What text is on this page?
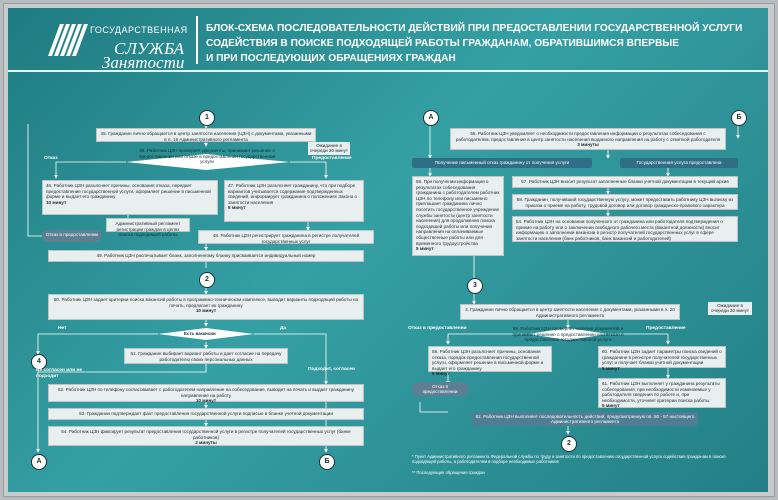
ГОСУДАРСТВЕННАЯ
СЛУЖБА
Занятости
БЛОК-СХЕМА ПОСЛЕДОВАТЕЛЬНОСТИ ДЕЙСТВИЙ ПРИ ПРЕДОСТАВЛЕНИИ ГОСУДАРСТВЕННОЙ УСЛУГИ
СОДЕЙСТВИЯ В ПОИСКЕ ПОДХОДЯЩЕЙ РАБОТЫ ГРАЖДАНАМ, ОБРАТИВШИМСЯ ВПЕРВЫЕ
И ПРИ ПОСЛЕДУЮЩИХ ОБРАЩЕНИЯХ ГРАЖДАН
1
45. Гражданин лично обращается в центр занятости населения (ЦЗН) с документами, указанными в п. 19 Административного регламента
46. Работник ЦЗН проверяет документы, принимает решение о предоставлении или отказе в предоставлении государственной услуги
Ожидание в очереди 30 минут
Отказ	Предоставление
46. Работник ЦЗН разъясняет причины, основания отказа, передает предоставление государственной услуги, оформляет решение в письменной форме и выдает его гражданину
10 минут
47. Работник ЦЗН разъясняет гражданину, что при подборе вариантов учитывается содержание подтвержденных сведений, информирует гражданина о положениях Закона о занятости населения
5 минут
Административный регламент регистрации граждан в целях поиска подходящей работы
Отказ в предоставлении	48. Работник ЦЗН регистрирует гражданина в регистре получателей государственных услуг
49. Работник ЦЗН распечатывает бланк, заполненному бланку присваивается индивидуальный номер
2
50. Работник ЦЗН задает критерии поиска вакансий работы в программно-техническом комплексе, выводит варианты подходящей работы на печать, предлагает их гражданину
10 минут
Нет
Есть вакансии
Да
51. Гражданин выбирает вариант работы и дает согласие на передачу работодателю своих персональных данных
4
Не согласен или не подходит
Подходит, согласен
52. Работник ЦЗН по телефону согласовывает с работодателем направление на собеседование, выводит на печать и выдает гражданину направление на работу
10 минут
53. Гражданин подтверждает факт предоставления государственной услуги подписью в бланке учетной документации
54. Работник ЦЗН фиксирует результат предоставления государственной услуги в регистре получателей государственных услуг (банке работников)
2 минуты
А	Б
А	Б
55. Работник ЦЗН уведомляет о необходимости предоставления информации о результатах собеседования с работодателем, предоставление в центр занятости населения выданного направления на работу с отметкой работодателя
3 минуты
Получение письменный отказ гражданину от получения услуги	Государственная услуга предоставлена
56. При получении информации о результатах собеседования гражданина с работодателем работник ЦЗН по телефону или письменно приглашает гражданина лично посетить государственное учреждение службы занятости (центр занятости населения) для продолжения поиска подходящей работы или получения направления на оплачиваемые общественные работы или для временного трудоустройства
5 минут
57. Работник ЦЗН вносит результат заполненные бланки учетной документации в текущий архив
58. Гражданин, получивший государственную услугу, может предоставить работнику ЦЗН выписку из приказа о приеме на работу, трудовой договор или договор гражданско-правового характера
54. Работник ЦЗН на основании полученного от гражданина или работодателя подтверждения о приеме на работу или о заключении свободного рабочего места (вакантной должности) вносит информацию о заполнении вакансии в регистр получателей государственных услуг в сфере занятости населения (банк работников, банк вакансий и работодателей)
3
3. Гражданин лично обращается в центр занятости населения с документами, указанными в п. 20 Административного регламента
Ожидание в очереди 30 минут
59. Работник ЦЗН проверяет наличие документов и принимает решение о предоставлении или отказе в предоставлении государственной услуги
Отказ в предоставлении	Предоставление
59. Работник ЦЗН разъясняет причины, основания отказа, порядок предоставления государственной услуги, оформляет решение в письменной форме и выдает его гражданину
5 минут
60. Работник ЦЗН задает параметры поиска сведений о гражданине в регистре получателей государственных услуг и получает бланки учетной документации
5 минут
Отказ в предоставлении
61. Работник ЦЗН выполняет у гражданина результаты собеседования, при необходимости изменяемые у работодателя сведения по работе и, при необходимости, уточняет критерии поиска работы
5 минут
62. Работник ЦЗН выполняет последовательность действий, предусмотренную пп. 50 - 57 настоящего Административного регламента
2
* Пункт Административного регламента Федеральной службы по труду и занятости по предоставлению государственной услуги содействия гражданам в поиске подходящей работы, а работодателям в подборе необходимых работников
** Последующие обращения граждан
